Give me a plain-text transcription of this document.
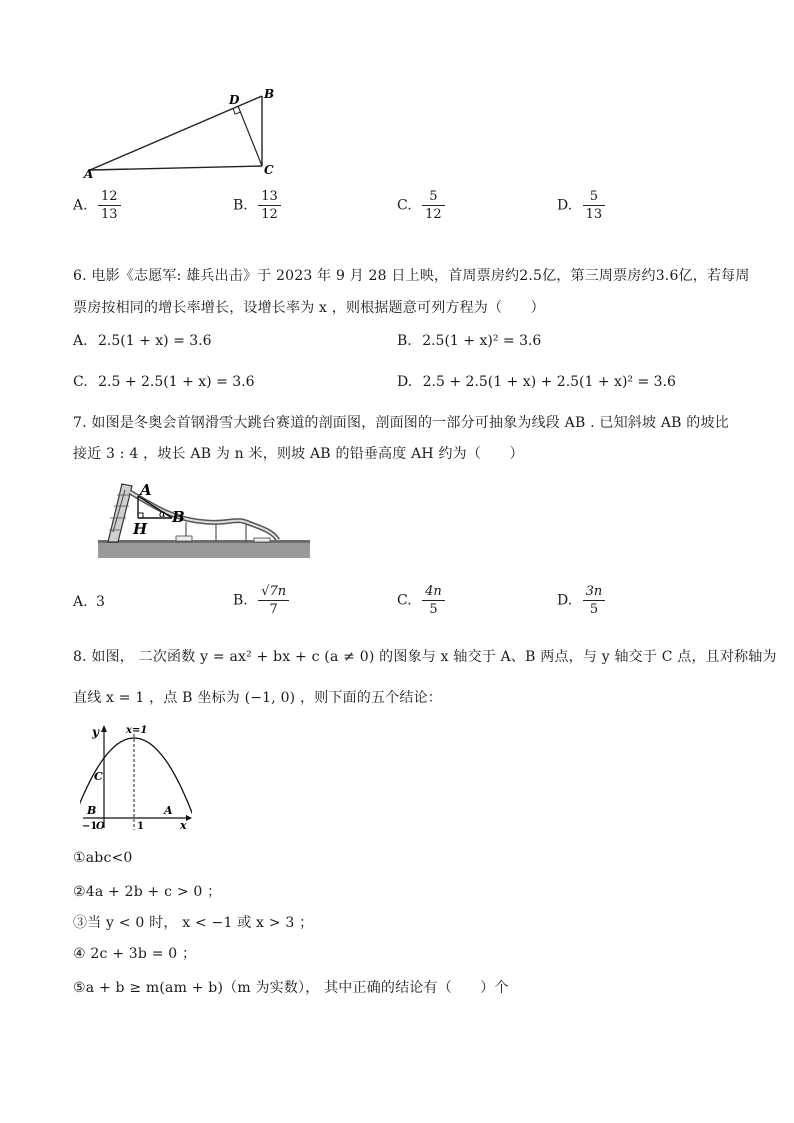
A
B
C
D
A. $\frac{12}{13}$	B. $\frac{13}{12}$	C. $\frac{5}{12}$	D. $\frac{5}{13}$
6. 电影《志愿军: 雄兵出击》于 2023 年 9 月 28 日上映，首周票房约2.5亿，第三周票房约3.6亿，若每周
票房按相同的增长率增长，设增长率为 x ，则根据题意可列方程为（　　）
A. 2.5(1 + x) = 3.6	B. 2.5(1 + x)² = 3.6
C. 2.5 + 2.5(1 + x) = 3.6	D. 2.5 + 2.5(1 + x) + 2.5(1 + x)² = 3.6
7. 如图是冬奥会首钢滑雪大跳台赛道的剖面图，剖面图的一部分可抽象为线段 AB . 已知斜坡 AB 的坡比
接近 3 : 4 ，坡长 AB 为 n 米，则坡 AB 的铅垂高度 AH 约为（　　）
A
B
H
α
A. 3	B. $\frac{√7n}{7}$	C. $\frac{4n}{5}$	D. $\frac{3n}{5}$
8. 如图， 二次函数 y = ax² + bx + c (a ≠ 0) 的图象与 x 轴交于 A、B 两点，与 y 轴交于 C 点，且对称轴为
直线 x = 1 ，点 B 坐标为 (−1, 0) ，则下面的五个结论：
y	x=1
C
B	A
−1
O	1	x
①abc<0
②4a + 2b + c > 0 ；
③当 y < 0 时， x < −1 或 x > 3 ；
④ 2c + 3b = 0 ；
⑤a + b ≥ m(am + b)（m 为实数）， 其中正确的结论有（　　）个
